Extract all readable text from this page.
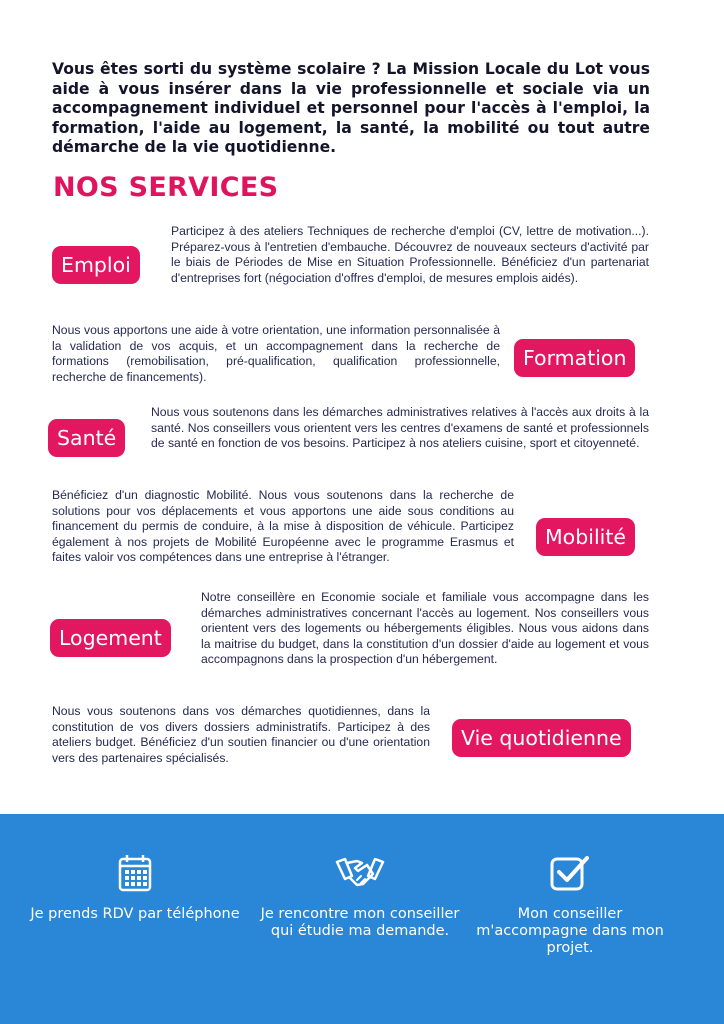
Vous êtes sorti du système scolaire ? La Mission Locale du Lot vous aide à vous insérer dans la vie professionnelle et sociale via un accompagnement individuel et personnel pour l'accès à l'emploi, la formation, l'aide au logement, la santé, la mobilité ou tout autre démarche de la vie quotidienne.

NOS SERVICES
Emploi

Participez à des ateliers Techniques de recherche d'emploi (CV, lettre de motivation...). Préparez-vous à l'entretien d'embauche. Découvrez de nouveaux secteurs d'activité par le biais de Périodes de Mise en Situation Professionnelle. Bénéficiez d'un partenariat d'entreprises fort (négociation d'offres d'emploi, de mesures emplois aidés).

Nous vous apportons une aide à votre orientation, une information personnalisée à la validation de vos acquis, et un accompagnement dans la recherche de formations (remobilisation, pré-qualification, qualification professionnelle, recherche de financements).

Formation
Santé

Nous vous soutenons dans les démarches administratives relatives à l'accès aux droits à la santé. Nos conseillers vous orientent vers les centres d'examens de santé et professionnels de santé en fonction de vos besoins. Participez à nos ateliers cuisine, sport et citoyenneté.

Bénéficiez d'un diagnostic Mobilité. Nous vous soutenons dans la recherche de solutions pour vos déplacements et vous apportons une aide sous conditions au financement du permis de conduire, à la mise à disposition de véhicule. Participez également à nos projets de Mobilité Européenne avec le programme Erasmus et faites valoir vos compétences dans une entreprise à l'étranger.

Mobilité
Logement

Notre conseillère en Economie sociale et familiale vous accompagne dans les démarches administratives concernant l'accès au logement. Nos conseillers vous orientent vers des logements ou hébergements éligibles. Nous vous aidons dans la maitrise du budget, dans la constitution d'un dossier d'aide au logement et vous accompagnons dans la prospection d'un hébergement.

Nous vous soutenons dans vos démarches quotidiennes, dans la constitution de vos divers dossiers administratifs. Participez à des ateliers budget. Bénéficiez d'un soutien financier ou d'une orientation vers des partenaires spécialisés.

Vie quotidienne
Je prends RDV par téléphone	Je rencontre mon conseiller qui étudie ma demande.
Mon conseiller m'accompagne dans mon projet.
